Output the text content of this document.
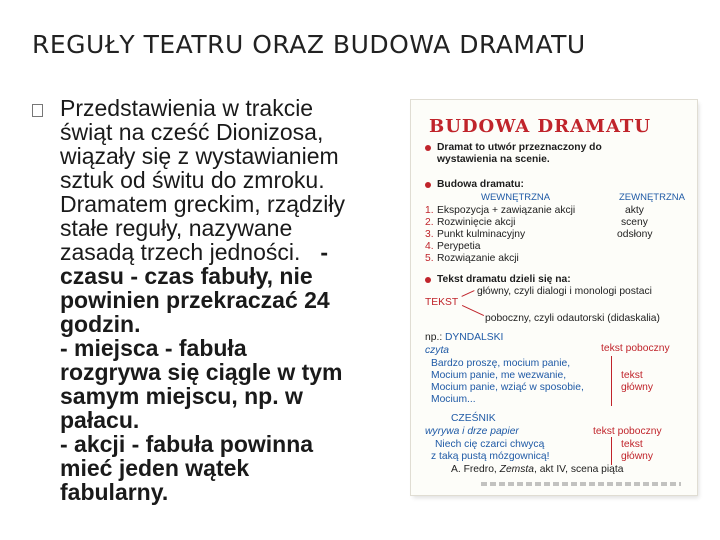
REGUŁY TEATRU ORAZ BUDOWA DRAMATU
Przedstawienia w trakcie
świąt na cześć Dionizosa,
wiązały się z wystawianiem
sztuk od świtu do zmroku.
Dramatem greckim, rządziły
stałe reguły, nazywane
zasadą trzech jedności. -
czasu - czas fabuły, nie
powinien przekraczać 24
godzin.
- miejsca - fabuła
rozgrywa się ciągle w tym
samym miejscu, np. w
pałacu.
- akcji - fabuła powinna
mieć jeden wątek
fabularny.
BUDOWA DRAMATU
Dramat to utwór przeznaczony do
wystawienia na scenie.
Budowa dramatu:
WEWNĘTRZNA	ZEWNĘTRZNA
1. Ekspozycja + zawiązanie akcji	akty
2. Rozwinięcie akcji	sceny
3. Punkt kulminacyjny	odsłony
4. Perypetia
5. Rozwiązanie akcji
Tekst dramatu dzieli się na:
TEKST
główny, czyli dialogi i monologi postaci
poboczny, czyli odautorski (didaskalia)
np.: DYNDALSKI
czyta	tekst poboczny
Bardzo proszę, mocium panie,
Mocium panie, me wezwanie,
Mocium panie, wziąć w sposobie,
Mocium...
tekst
główny
CZEŚNIK
wyrywa i drze papier	tekst poboczny
Niech cię czarci chwycą
z taką pustą mózgownicą!
tekst
główny
A. Fredro, Zemsta, akt IV, scena piąta
